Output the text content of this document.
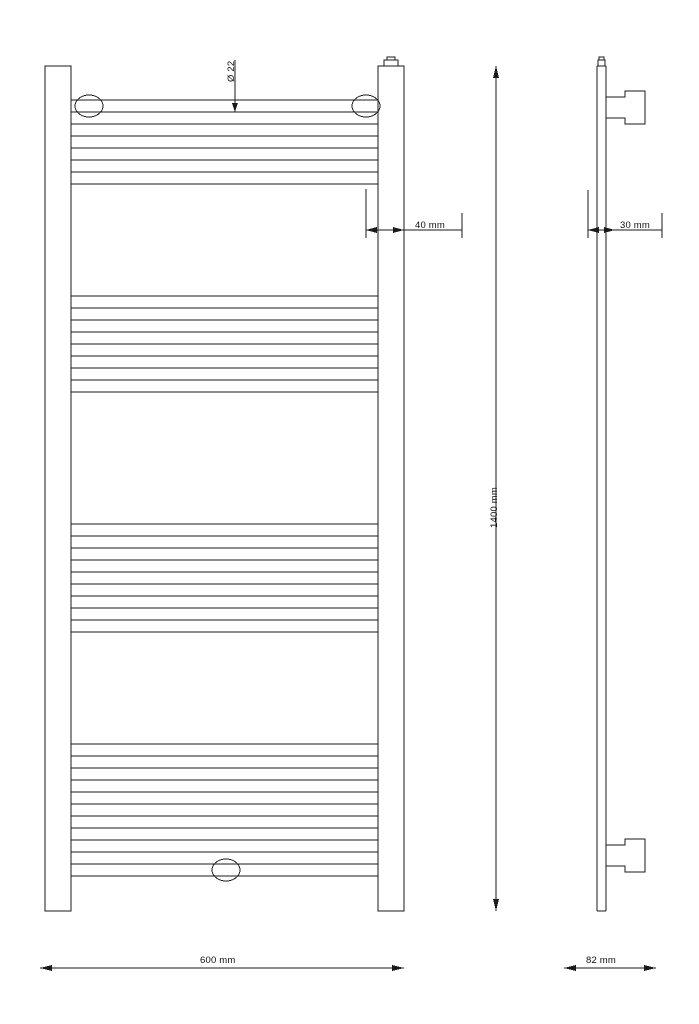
Ø 22
1400 mm
600 mm
40 mm	30 mm
82 mm
